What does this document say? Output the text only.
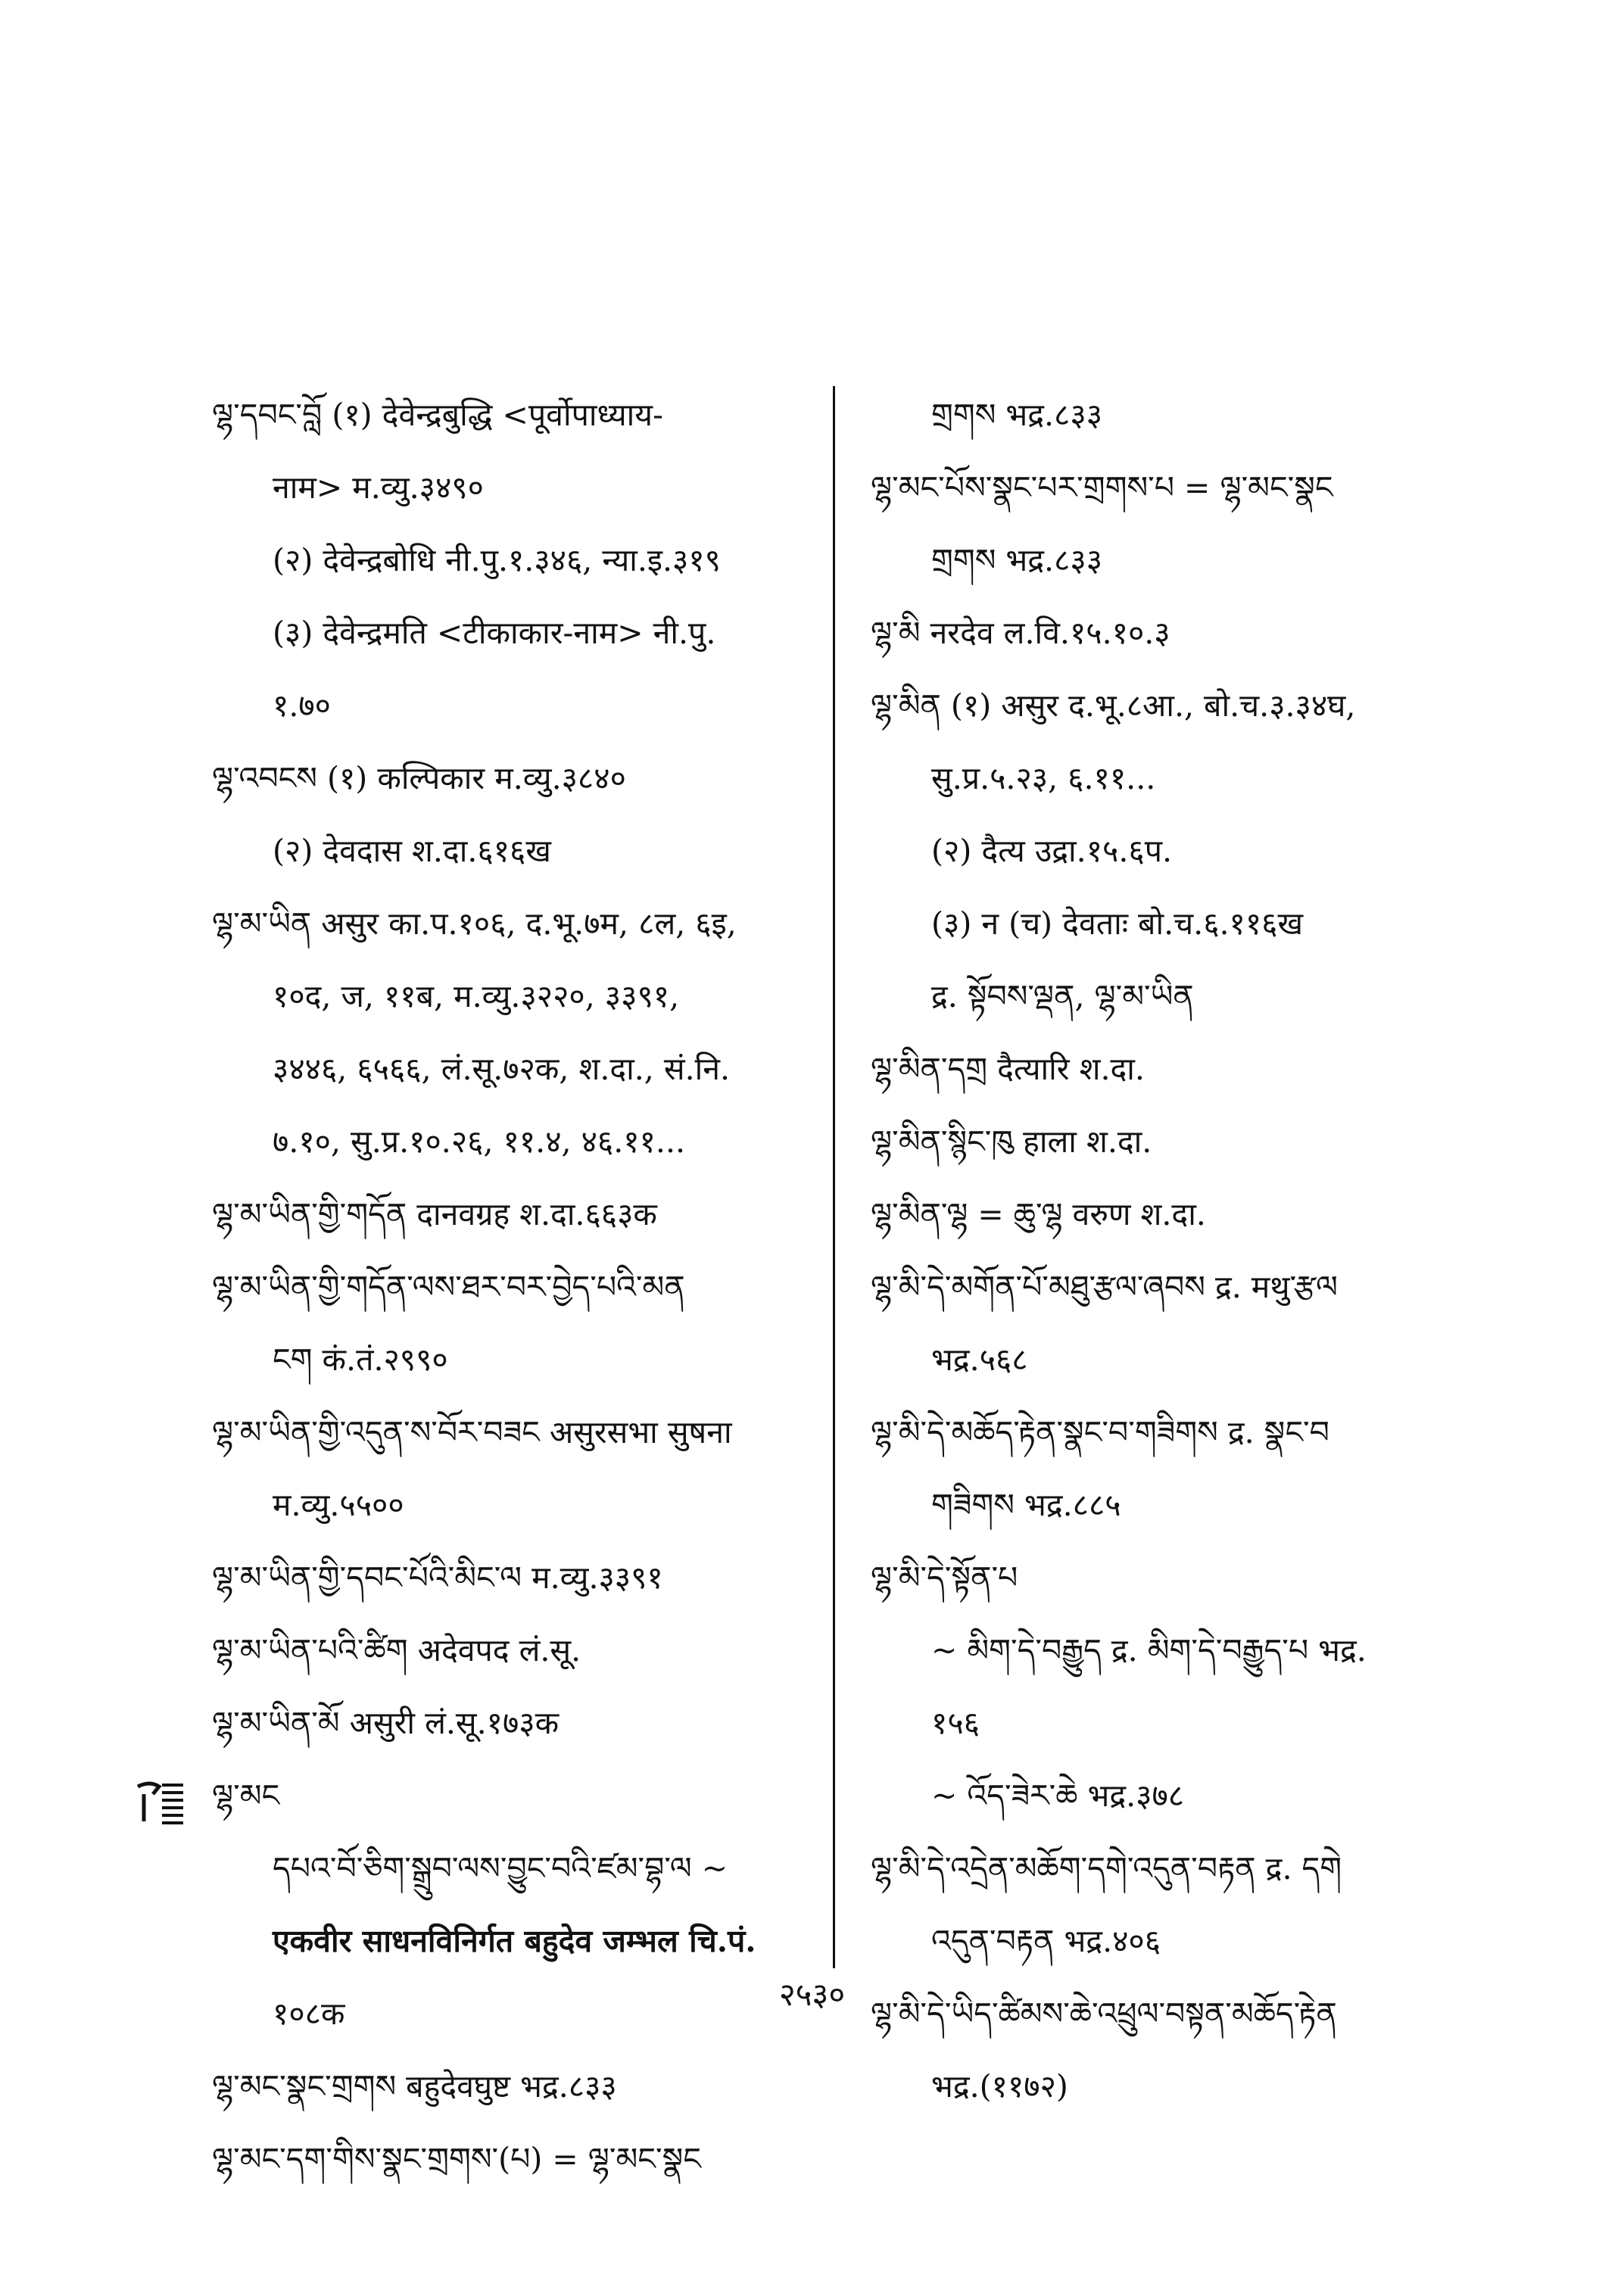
ལྷ་དབང་བློ (१) देवेन्द्रबुद्धि <पूर्वोपाध्याय-
नाम> म.व्यु.३४९०
(२) देवेन्द्रबोधि नी.पु.१.३४६, न्या.इ.३१९
(३) देवेन्द्रमति <टीकाकार-नाम> नी.पु.
१.७०
ལྷ་འབངས (१) कल्पिकार म.व्यु.३८४०
(२) देवदास श.दा.६१६ख
ལྷ་མ་ཡིན असुर का.प.१०६, द.भू.७म, ८ल, ६इ,
१०द, ज, ११ब, म.व्यु.३२२०, ३३९१,
३४४६, ६५६६, लं.सू.७२क, श.दा., सं.नि.
७.१०, सु.प्र.१०.२६, ११.४, ४६.११...
ལྷ་མ་ཡིན་གྱི་གདོན दानवग्रह श.दा.६६३क
ལྷ་མ་ཡིན་གྱི་གདོན་ལས་ཐར་བར་བྱེད་པའི་མན
ངག कं.तं.२९९०
ལྷ་མ་ཡིན་གྱི་འདུན་ས་བོར་བཟང असुरसभा सुषना
म.व्यु.५५००
ལྷ་མ་ཡིན་གྱི་དབང་པོའི་མིང་ལ म.व्यु.३३९१
ལྷ་མ་ཡིན་པའི་ཚིག अदेवपद लं.सू.
ལྷ་མ་ཡིན་མོ असुरी लं.सू.१७३क
ལྷ་མང
དཔའ་བོ་ཅིག་སྒྲུབ་ལས་བྱུང་བའི་ཛམ་བྷ་ལ ~
एकवीर साधनविनिर्गत बहुदेव जम्भल चि.पं.
१०८क
ལྷ་མང་སྣང་གྲགས बहुदेवघुष्ट भद्र.८३३
ལྷ་མང་དག་གིས་སྣང་གྲགས་(པ) = ལྷ་མང་སྣང
གྲགས भद्र.८३३
ལྷ་མང་པོས་སྣང་པར་གྲགས་པ = ལྷ་མང་སྣང
གྲགས भद्र.८३३
ལྷ་མི नरदेव ल.वि.१५.१०.३
ལྷ་མིན (१) असुर द.भू.८आ., बो.च.३.३४घ,
सु.प्र.५.२३, ६.११...
(२) दैत्य उद्रा.१५.६प.
(३) न (च) देवताः बो.च.६.११६ख
द्र. སྟོབས་ལྡན, ལྷ་མ་ཡིན
ལྷ་མིན་དགྲ दैत्यारि श.दा.
ལྷ་མིན་སྙིང་ཁུ हाला श.दा.
ལྷ་མིན་ལྷ = ཆུ་ལྷ वरुण श.दा.
ལྷ་མི་དེ་མགོན་པོ་མཐུ་རྩལ་ཞབས द्र. मथु་རྩལ
भद्र.५६८
ལྷ་མི་དེ་མཆོད་རྟེན་སྣང་བ་གཟིགས द्र. སྣང་བ
གཟིགས भद्र.८८५
ལྷ་མི་དེ་སྟོན་པ
~ མིག་དེ་བརྒྱུད द्र. མིག་དེ་བརྒྱུད་པ भद्र.
१५६
~ འོད་ཟེར་ཆེ भद्र.३७८
ལྷ་མི་དེ་འདྲེན་མཆོག་དགེ་འདུན་བརྟན द्र. དགེ
འདུན་བརྟན भद्र.४०६
ལྷ་མི་དེ་ཡིད་ཚིམས་ཆེ་འཕྲུལ་བསྟན་མཆོད་རྟེན
भद्र.(११७२)
२५३०
